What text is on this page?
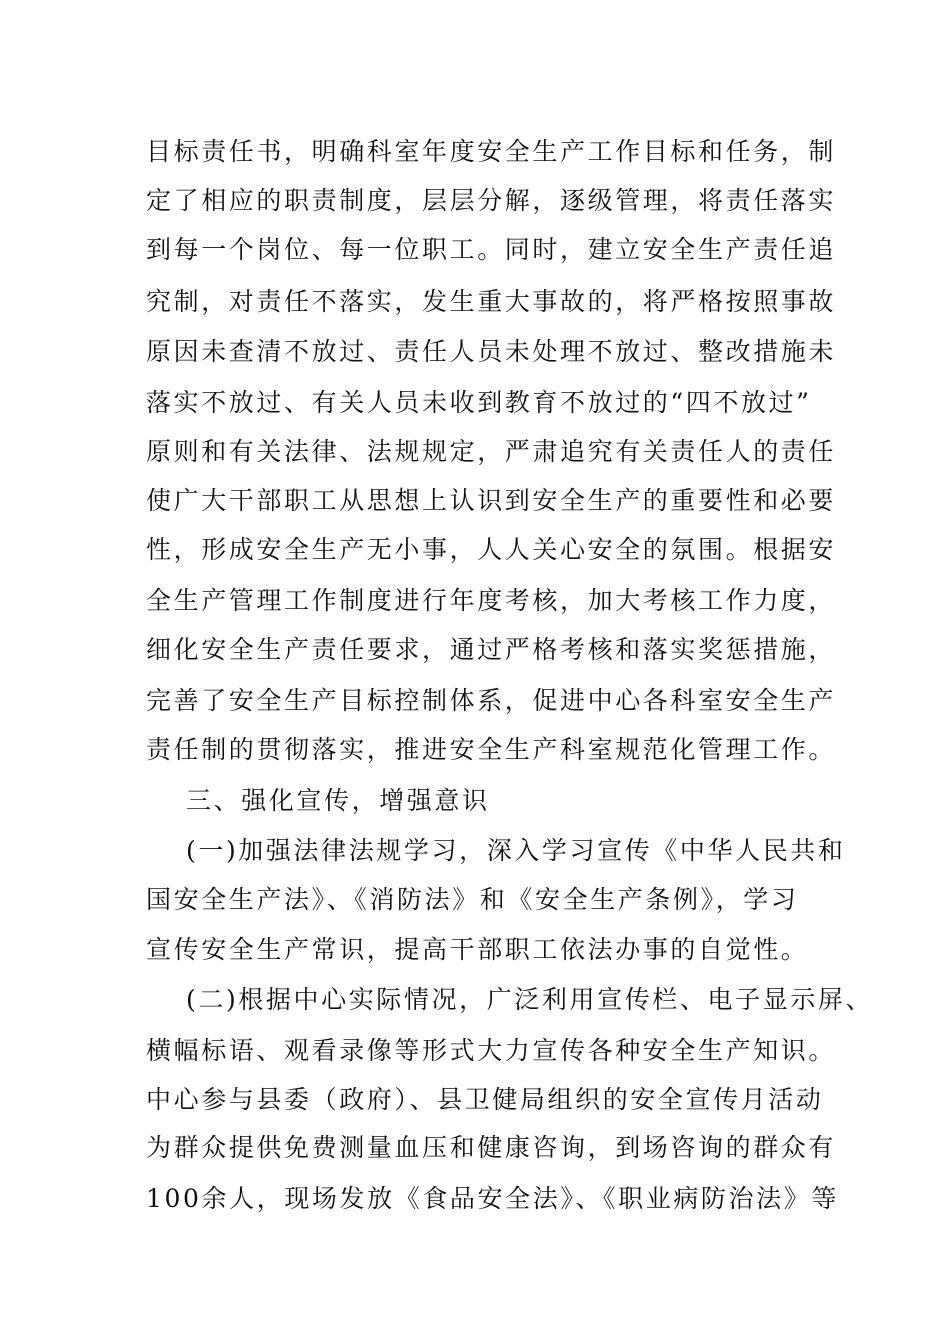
目标责任书，明确科室年度安全生产工作目标和任务，制
定了相应的职责制度，层层分解，逐级管理，将责任落实
到每一个岗位、每一位职工。同时，建立安全生产责任追
究制，对责任不落实，发生重大事故的，将严格按照事故
原因未查清不放过、责任人员未处理不放过、整改措施未
落实不放过、有关人员未收到教育不放过的“四不放过”
原则和有关法律、法规规定，严肃追究有关责任人的责任
使广大干部职工从思想上认识到安全生产的重要性和必要
性，形成安全生产无小事，人人关心安全的氛围。根据安
全生产管理工作制度进行年度考核，加大考核工作力度，
细化安全生产责任要求，通过严格考核和落实奖惩措施，
完善了安全生产目标控制体系，促进中心各科室安全生产
责任制的贯彻落实，推进安全生产科室规范化管理工作。
三、强化宣传，增强意识
(一)加强法律法规学习，深入学习宣传《中华人民共和
国安全生产法》、《消防法》和《安全生产条例》，学习
宣传安全生产常识，提高干部职工依法办事的自觉性。
(二)根据中心实际情况，广泛利用宣传栏、电子显示屏、
横幅标语、观看录像等形式大力宣传各种安全生产知识。
中心参与县委（政府）、县卫健局组织的安全宣传月活动
为群众提供免费测量血压和健康咨询，到场咨询的群众有
100余人，现场发放《食品安全法》、《职业病防治法》等
